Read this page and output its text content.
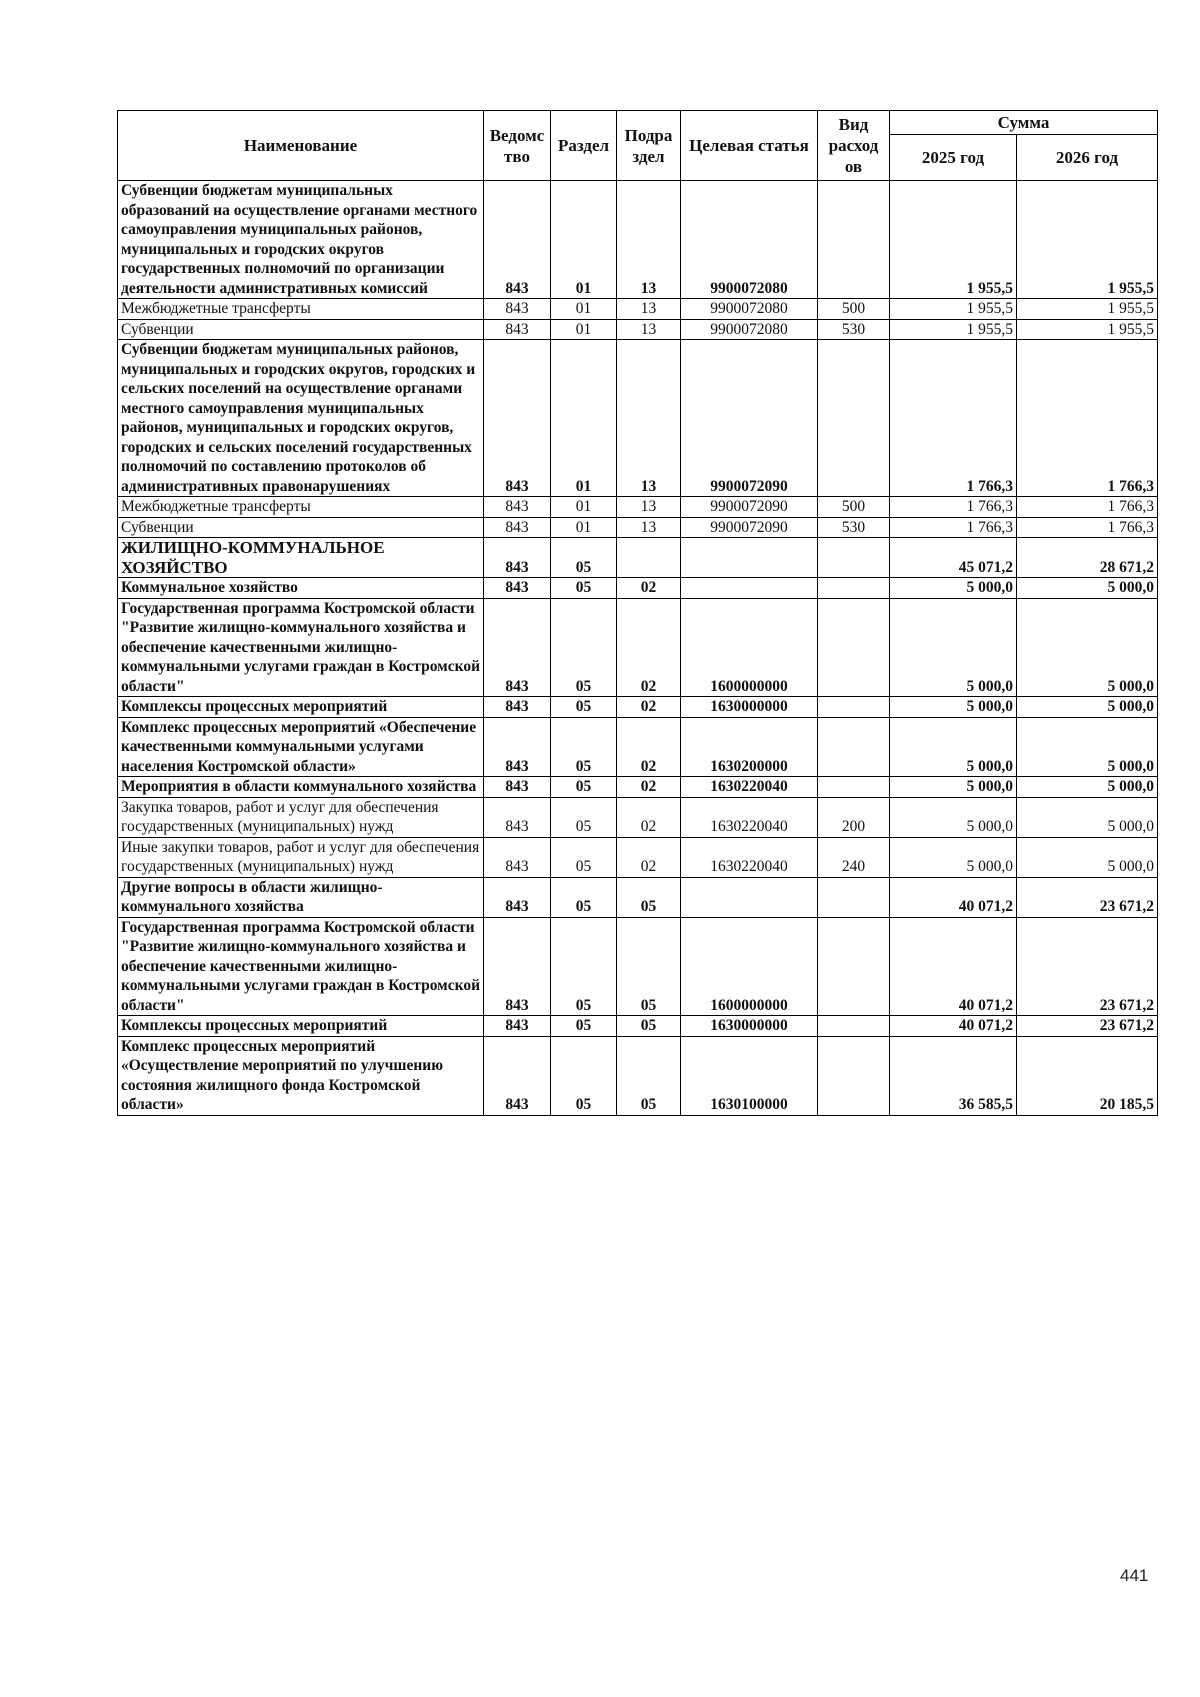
Наименование	Ведомс тво	Раздел	Подра здел	Целевая статья	Вид расход ов	Сумма	
						2025 год	2026 год
Субвенции бюджетам муниципальных образований на осуществление органами местного самоуправления муниципальных районов, муниципальных и городских округов государственных полномочий по организации деятельности административных комиссий	843	01	13	9900072080		1 955,5	1 955,5
Межбюджетные трансферты	843	01	13	9900072080	500	1 955,5	1 955,5
Субвенции	843	01	13	9900072080	530	1 955,5	1 955,5
Субвенции бюджетам муниципальных районов, муниципальных и городских округов, городских и сельских поселений на осуществление органами местного самоуправления муниципальных районов, муниципальных и городских округов, городских и сельских поселений государственных полномочий по составлению протоколов об административных правонарушениях	843	01	13	9900072090		1 766,3	1 766,3
Межбюджетные трансферты	843	01	13	9900072090	500	1 766,3	1 766,3
Субвенции	843	01	13	9900072090	530	1 766,3	1 766,3
ЖИЛИЩНО-КОММУНАЛЬНОЕ ХОЗЯЙСТВО	843	05				45 071,2	28 671,2
Коммунальное хозяйство	843	05	02			5 000,0	5 000,0
Государственная программа Костромской области "Развитие жилищно-коммунального хозяйства и обеспечение качественными жилищно-коммунальными услугами граждан в Костромской области"	843	05	02	1600000000		5 000,0	5 000,0
Комплексы процессных мероприятий	843	05	02	1630000000		5 000,0	5 000,0
Комплекс процессных мероприятий «Обеспечение качественными коммунальными услугами населения Костромской области»	843	05	02	1630200000		5 000,0	5 000,0
Мероприятия в области коммунального хозяйства	843	05	02	1630220040		5 000,0	5 000,0
Закупка товаров, работ и услуг для обеспечения государственных (муниципальных) нужд	843	05	02	1630220040	200	5 000,0	5 000,0
Иные закупки товаров, работ и услуг для обеспечения государственных (муниципальных) нужд	843	05	02	1630220040	240	5 000,0	5 000,0
Другие вопросы в области жилищно-коммунального хозяйства	843	05	05			40 071,2	23 671,2
Государственная программа Костромской области "Развитие жилищно-коммунального хозяйства и обеспечение качественными жилищно-коммунальными услугами граждан в Костромской области"	843	05	05	1600000000		40 071,2	23 671,2
Комплексы процессных мероприятий	843	05	05	1630000000		40 071,2	23 671,2
Комплекс процессных мероприятий «Осуществление мероприятий по улучшению состояния жилищного фонда Костромской области»	843	05	05	1630100000		36 585,5	20 185,5
441
